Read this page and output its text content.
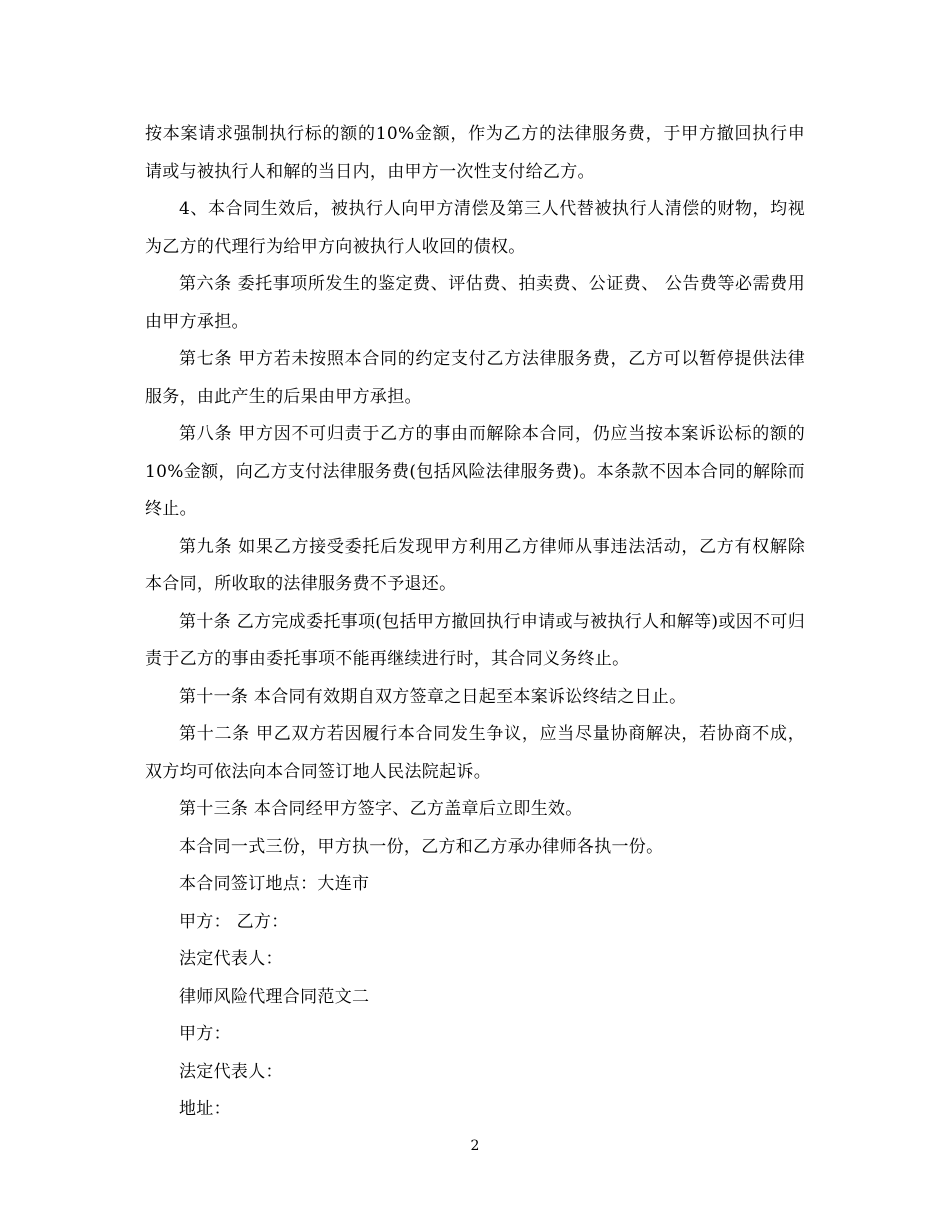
按本案请求强制执行标的额的10%金额，作为乙方的法律服务费，于甲方撤回执行申请或与被执行人和解的当日内，由甲方一次性支付给乙方。

4、本合同生效后，被执行人向甲方清偿及第三人代替被执行人清偿的财物，均视为乙方的代理行为给甲方向被执行人收回的债权。

第六条 委托事项所发生的鉴定费、评估费、拍卖费、公证费、 公告费等必需费用由甲方承担。

第七条 甲方若未按照本合同的约定支付乙方法律服务费，乙方可以暂停提供法律服务，由此产生的后果由甲方承担。

第八条 甲方因不可归责于乙方的事由而解除本合同，仍应当按本案诉讼标的额的10%金额，向乙方支付法律服务费(包括风险法律服务费)。本条款不因本合同的解除而终止。

第九条 如果乙方接受委托后发现甲方利用乙方律师从事违法活动，乙方有权解除本合同，所收取的法律服务费不予退还。

第十条 乙方完成委托事项(包括甲方撤回执行申请或与被执行人和解等)或因不可归责于乙方的事由委托事项不能再继续进行时，其合同义务终止。

第十一条 本合同有效期自双方签章之日起至本案诉讼终结之日止。

第十二条 甲乙双方若因履行本合同发生争议，应当尽量协商解决，若协商不成，双方均可依法向本合同签订地人民法院起诉。

第十三条 本合同经甲方签字、乙方盖章后立即生效。

本合同一式三份，甲方执一份，乙方和乙方承办律师各执一份。

本合同签订地点：大连市

甲方： 乙方：

法定代表人：

律师风险代理合同范文二

甲方：

法定代表人：

地址：

2
